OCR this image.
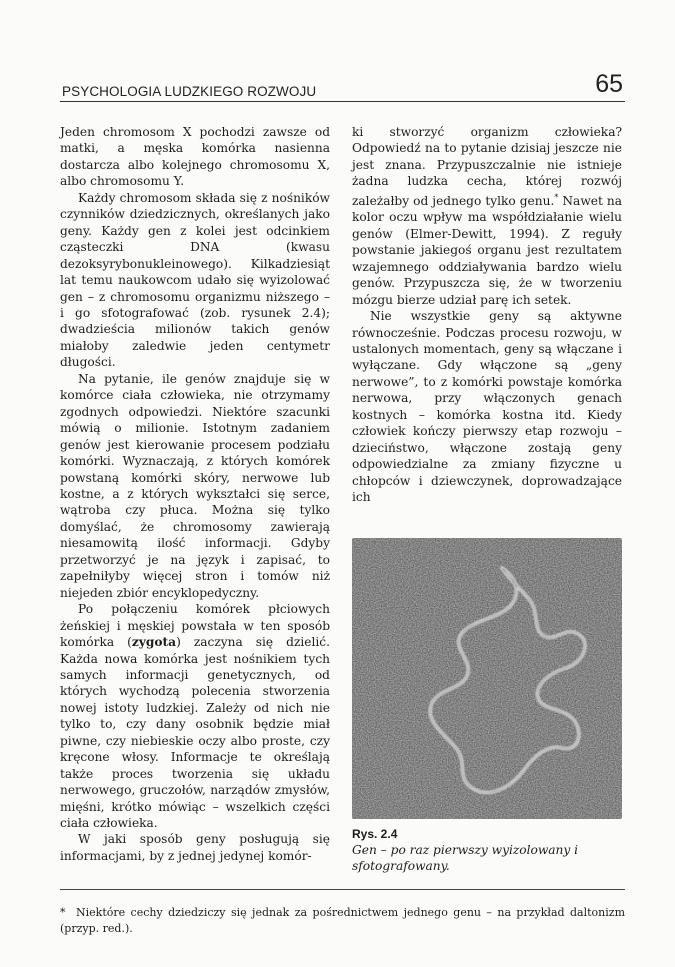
PSYCHOLOGIA LUDZKIEGO ROZWOJU	65

Jeden chromosom X pochodzi zawsze od matki, a męska komórka nasienna dostarcza albo kolejnego chromosomu X, albo chromosomu Y.

Każdy chromosom składa się z nośników czynników dziedzicznych, określanych jako geny. Każdy gen z kolei jest odcinkiem cząsteczki DNA (kwasu dezoksyrybonukleinowego). Kilkadziesiąt lat temu naukowcom udało się wyizolować gen – z chromosomu organizmu niższego – i go sfotografować (zob. rysunek 2.4); dwadzieścia milionów takich genów miałoby zaledwie jeden centymetr długości.

Na pytanie, ile genów znajduje się w komórce ciała człowieka, nie otrzymamy zgodnych odpowiedzi. Niektóre szacunki mówią o milionie. Istotnym zadaniem genów jest kierowanie procesem podziału komórki. Wyznaczają, z których komórek powstaną komórki skóry, nerwowe lub kostne, a z których wykształci się serce, wątroba czy płuca. Można się tylko domyślać, że chromosomy zawierają niesamowitą ilość informacji. Gdyby przetworzyć je na język i zapisać, to zapełniłyby więcej stron i tomów niż niejeden zbiór encyklopedyczny.

Po połączeniu komórek płciowych żeńskiej i męskiej powstała w ten sposób komórka (zygota) zaczyna się dzielić. Każda nowa komórka jest nośnikiem tych samych informacji genetycznych, od których wychodzą polecenia stworzenia nowej istoty ludzkiej. Zależy od nich nie tylko to, czy dany osobnik będzie miał piwne, czy niebieskie oczy albo proste, czy kręcone włosy. Informacje te określają także proces tworzenia się układu nerwowego, gruczołów, narządów zmysłów, mięśni, krótko mówiąc – wszelkich części ciała człowieka.

W jaki sposób geny posługują się informacjami, by z jednej jedynej komór-

ki stworzyć organizm człowieka? Odpowiedź na to pytanie dzisiaj jeszcze nie jest znana. Przypuszczalnie nie istnieje żadna ludzka cecha, której rozwój zależałby od jednego tylko genu.* Nawet na kolor oczu wpływ ma współdziałanie wielu genów (Elmer-Dewitt, 1994). Z reguły powstanie jakiegoś organu jest rezultatem wzajemnego oddziaływania bardzo wielu genów. Przypuszcza się, że w tworzeniu mózgu bierze udział parę ich setek.

Nie wszystkie geny są aktywne równocześnie. Podczas procesu rozwoju, w ustalonych momentach, geny są włączane i wyłączane. Gdy włączone są „geny nerwowe”, to z komórki powstaje komórka nerwowa, przy włączonych genach kostnych – komórka kostna itd. Kiedy człowiek kończy pierwszy etap rozwoju – dzieciństwo, włączone zostają geny odpowiedzialne za zmiany fizyczne u chłopców i dziewczynek, doprowadzające ich

Rys. 2.4
Gen – po raz pierwszy wyizolowany i sfotografowany.
* Niektóre cechy dziedziczy się jednak za pośrednictwem jednego genu – na przykład daltonizm (przyp. red.).
